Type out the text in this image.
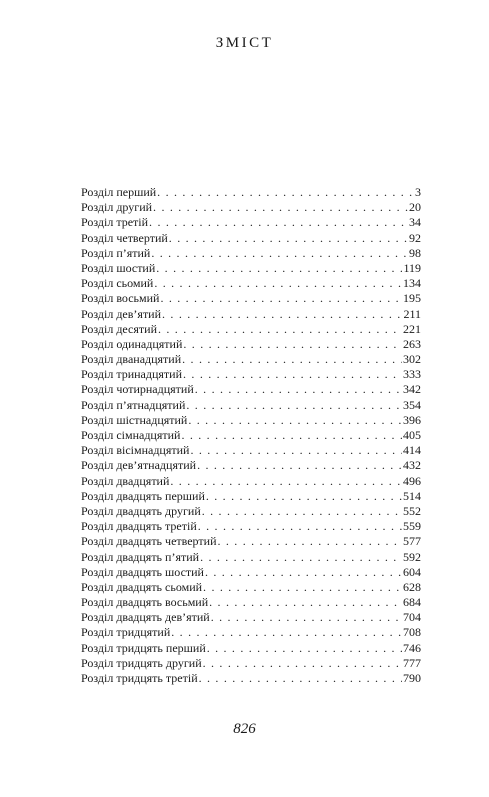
ЗМІСТ
Розділ перший . . .	3
Розділ другий . . .	20
Розділ третій . . .	34
Розділ четвертий . . .	92
Розділ п’ятий . . .	98
Розділ шостий . . .	119
Розділ сьомий . . .	134
Розділ восьмий . . .	195
Розділ дев’ятий . . .	211
Розділ десятий . . .	221
Розділ одинадцятий . . .	263
Розділ дванадцятий . . .	302
Розділ тринадцятий . . .	333
Розділ чотирнадцятий . . .	342
Розділ п’ятнадцятий . . .	354
Розділ шістнадцятий . . .	396
Розділ сімнадцятий . . .	405
Розділ вісімнадцятий . . .	414
Розділ дев’ятнадцятий . . .	432
Розділ двадцятий . . .	496
Розділ двадцять перший . . .	514
Розділ двадцять другий . . .	552
Розділ двадцять третій . . .	559
Розділ двадцять четвертий . . .	577
Розділ двадцять п’ятий . . .	592
Розділ двадцять шостий . . .	604
Розділ двадцять сьомий . . .	628
Розділ двадцять восьмий . . .	684
Розділ двадцять дев’ятий . . .	704
Розділ тридцятий . . .	708
Розділ тридцять перший . . .	746
Розділ тридцять другий . . .	777
Розділ тридцять третій . . .	790
826
